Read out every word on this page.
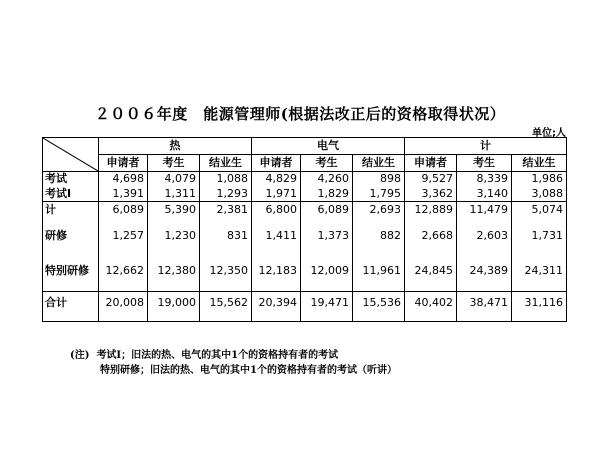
２００６年度　能源管理师(根据法改正后的资格取得状况）
单位;人
	热			电气			计		
	申请者	考生	结业生	申请者	考生	结业生	申请者	考生	结业生
考试	4,698	4,079	1,088	4,829	4,260	898	9,527	8,339	1,986
考试Ⅰ	1,391	1,311	1,293	1,971	1,829	1,795	3,362	3,140	3,088
计	6,089	5,390	2,381	6,800	6,089	2,693	12,889	11,479	5,074

研修	1,257	1,230	831	1,411	1,373	882	2,668	2,603	1,731

特别研修	12,662	12,380	12,350	12,183	12,009	11,961	24,845	24,389	24,311

合计	20,008	19,000	15,562	20,394	19,471	15,536	40,402	38,471	31,116

(注) 考试Ⅰ；旧法的热、电气的其中1个的资格持有者的考试
特别研修；旧法的热、电气的其中1个的资格持有者的考试（听讲）
